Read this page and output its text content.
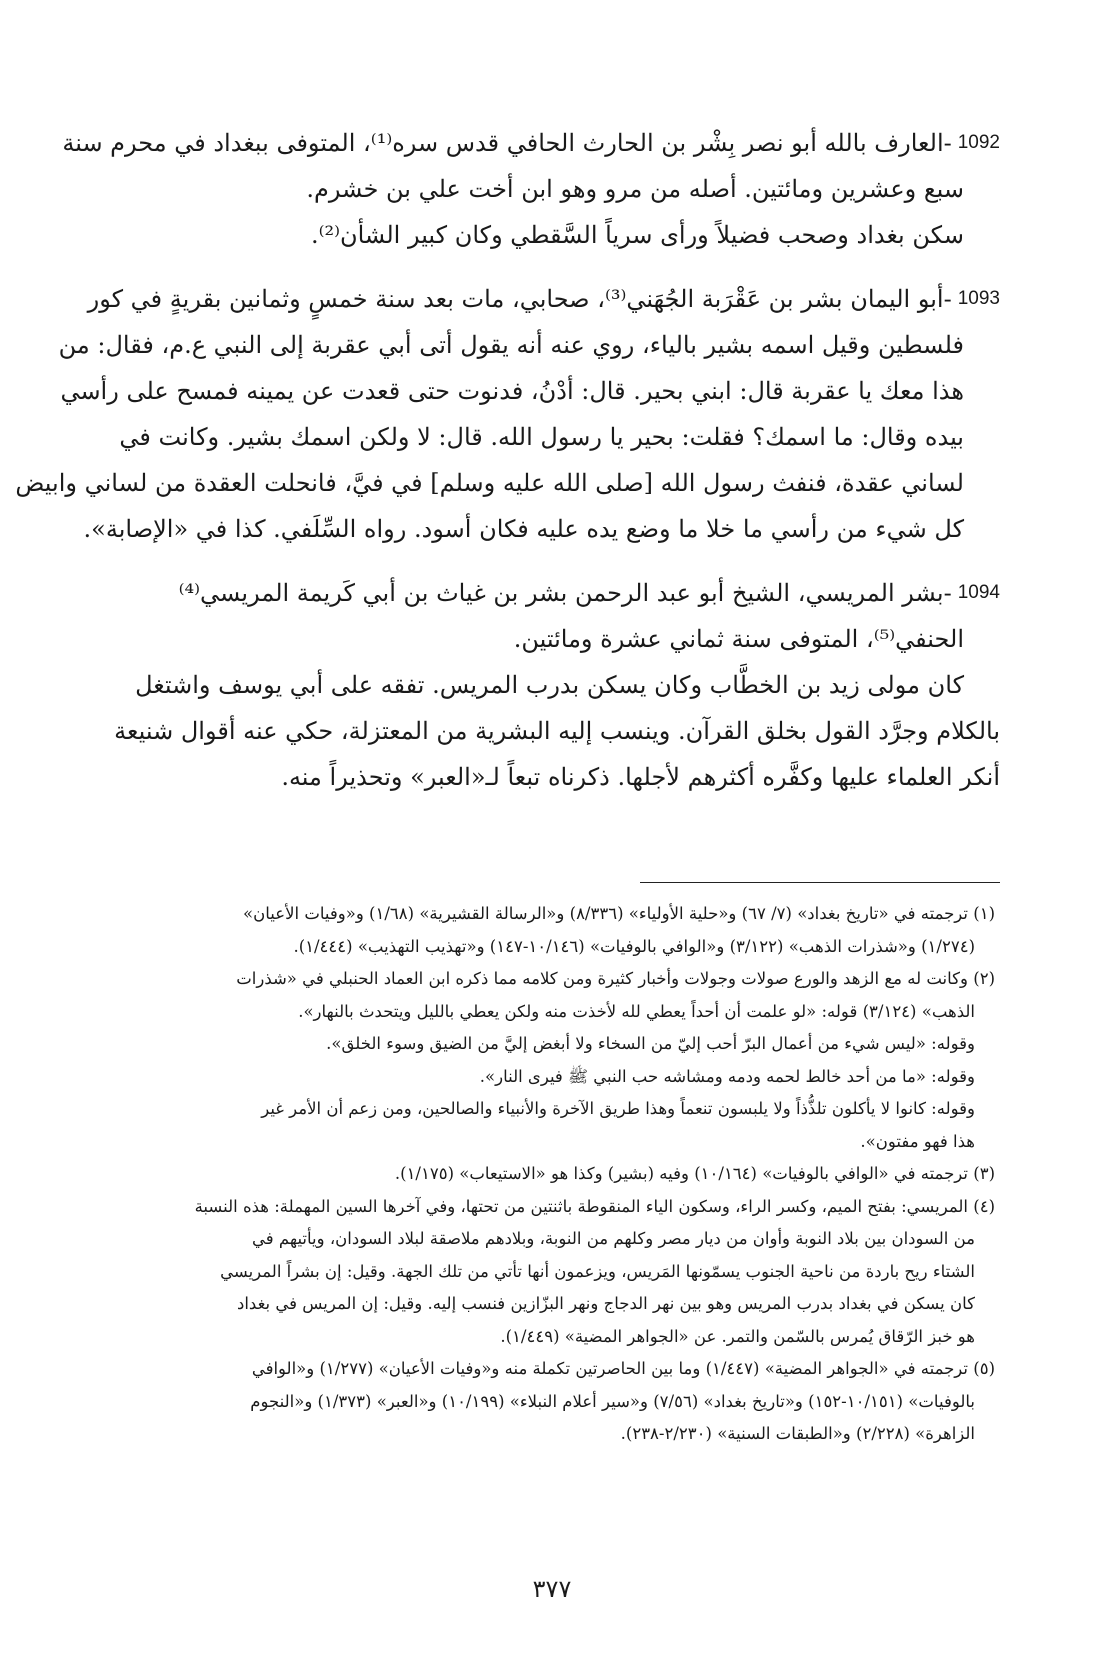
1092
-
العارف بالله أبو نصر بِشْر بن الحارث الحافي قدس سره⁽¹⁾، المتوفى ببغداد في محرم سنة
سبع وعشرين ومائتين. أصله من مرو وهو ابن أخت علي بن خشرم.
سكن بغداد وصحب فضيلاً ورأى سرياً السَّقطي وكان كبير الشأن⁽²⁾.
1093
-
أبو اليمان بشر بن عَقْرَبة الجُهَني⁽³⁾، صحابي، مات بعد سنة خمسٍ وثمانين بقريةٍ في كور
فلسطين وقيل اسمه بشير بالياء، روي عنه أنه يقول أتى أبي عقربة إلى النبي ع.م، فقال: من
هذا معك يا عقربة قال: ابني بحير. قال: أدْنُ، فدنوت حتى قعدت عن يمينه فمسح على رأسي
بيده وقال: ما اسمك؟ فقلت: بحير يا رسول الله. قال: لا ولكن اسمك بشير. وكانت في
لساني عقدة، فنفث رسول الله [صلى الله عليه وسلم] في فيَّ، فانحلت العقدة من لساني وابيض
كل شيء من رأسي ما خلا ما وضع يده عليه فكان أسود. رواه السِّلَفي. كذا في «الإصابة».
1094
-
بشر المريسي، الشيخ أبو عبد الرحمن بشر بن غياث بن أبي كَريمة المريسي⁽⁴⁾
الحنفي⁽⁵⁾، المتوفى سنة ثماني عشرة ومائتين.
كان مولى زيد بن الخطَّاب وكان يسكن بدرب المريس. تفقه على أبي يوسف واشتغل
بالكلام وجرَّد القول بخلق القرآن. وينسب إليه البشرية من المعتزلة، حكي عنه أقوال شنيعة
أنكر العلماء عليها وكفَّره أكثرهم لأجلها. ذكرناه تبعاً لـ«العبر» وتحذيراً منه.
(١) ترجمته في «تاريخ بغداد» (٧/ ٦٧) و«حلية الأولياء» (٨/٣٣٦) و«الرسالة القشيرية» (١/٦٨) و«وفيات الأعيان»
(١/٢٧٤) و«شذرات الذهب» (٣/١٢٢) و«الوافي بالوفيات» (١٠/١٤٦-١٤٧) و«تهذيب التهذيب» (١/٤٤٤).
(٢) وكانت له مع الزهد والورع صولات وجولات وأخبار كثيرة ومن كلامه مما ذكره ابن العماد الحنبلي في «شذرات
الذهب» (٣/١٢٤) قوله: «لو علمت أن أحداً يعطي لله لأخذت منه ولكن يعطي بالليل ويتحدث بالنهار».
وقوله: «ليس شيء من أعمال البرّ أحب إليّ من السخاء ولا أبغض إليَّ من الضيق وسوء الخلق».
وقوله: «ما من أحد خالط لحمه ودمه ومشاشه حب النبي ﷺ فيرى النار».
وقوله: كانوا لا يأكلون تلذُّذاً ولا يلبسون تنعماً وهذا طريق الآخرة والأنبياء والصالحين، ومن زعم أن الأمر غير
هذا فهو مفتون».
(٣) ترجمته في «الوافي بالوفيات» (١٠/١٦٤) وفيه (بشير) وكذا هو «الاستيعاب» (١/١٧٥).
(٤) المريسي: بفتح الميم، وكسر الراء، وسكون الياء المنقوطة باثنتين من تحتها، وفي آخرها السين المهملة: هذه النسبة
من السودان بين بلاد النوبة وأوان من ديار مصر وكلهم من النوبة، وبلادهم ملاصقة لبلاد السودان، ويأتيهم في
الشتاء ريح باردة من ناحية الجنوب يسمّونها المَريس، ويزعمون أنها تأتي من تلك الجهة. وقيل: إن بشراً المريسي
كان يسكن في بغداد بدرب المريس وهو بين نهر الدجاج ونهر البزّازين فنسب إليه. وقيل: إن المريس في بغداد
هو خبز الرّقاق يُمرس بالسّمن والتمر. عن «الجواهر المضية» (١/٤٤٩).
(٥) ترجمته في «الجواهر المضية» (١/٤٤٧) وما بين الحاصرتين تكملة منه و«وفيات الأعيان» (١/٢٧٧) و«الوافي
بالوفيات» (١٠/١٥١-١٥٢) و«تاريخ بغداد» (٧/٥٦) و«سير أعلام النبلاء» (١٠/١٩٩) و«العبر» (١/٣٧٣) و«النجوم
الزاهرة» (٢/٢٢٨) و«الطبقات السنية» (٢/٢٣٠-٢٣٨).
٣٧٧
